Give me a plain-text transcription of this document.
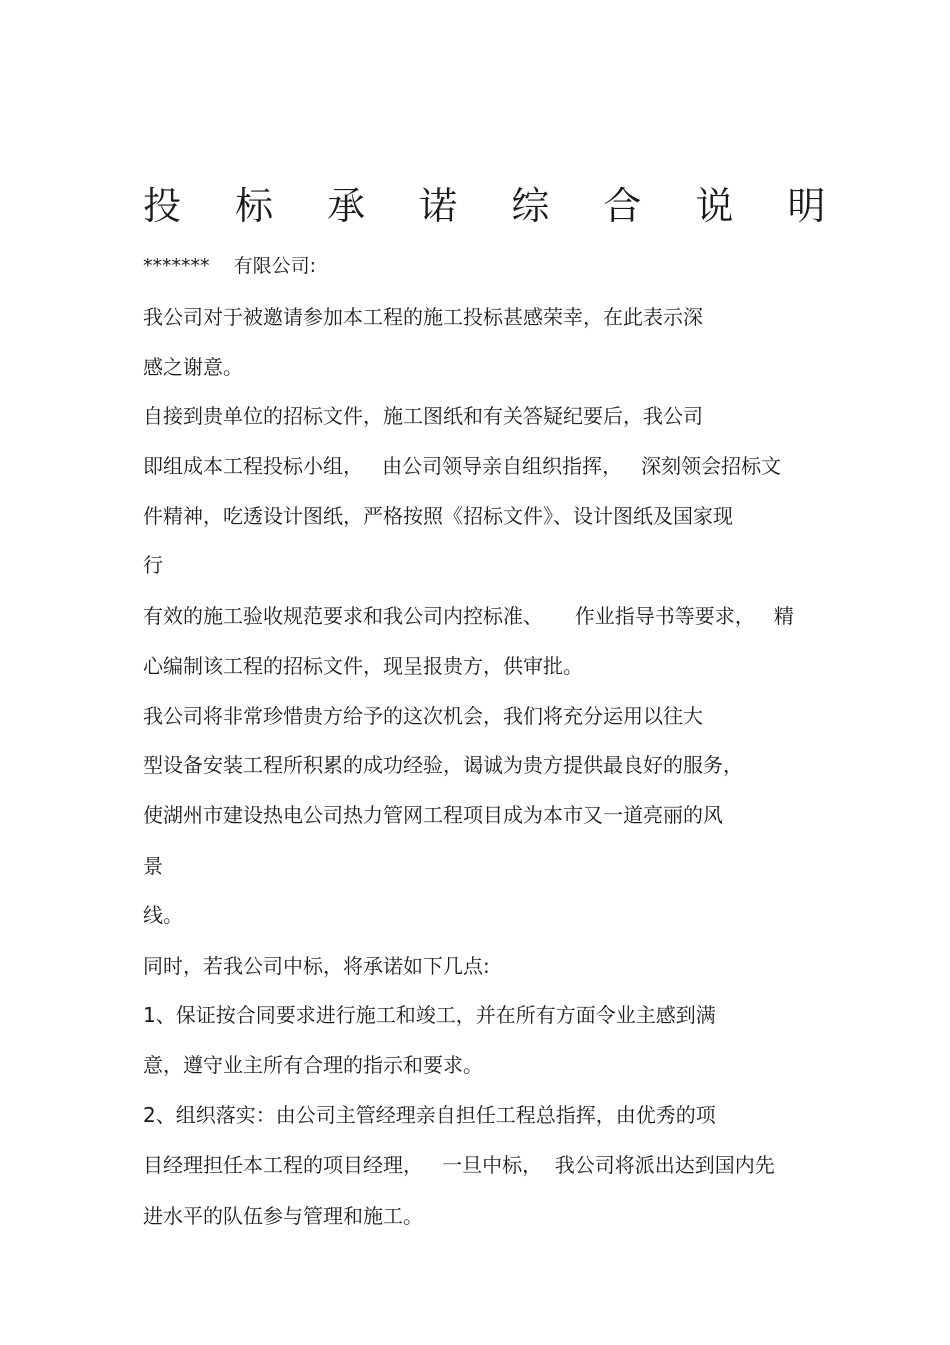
投 标 承 诺 综 合 说 明
*******    有限公司:
我公司对于被邀请参加本工程的施工投标甚感荣幸，在此表示深
感之谢意。
自接到贵单位的招标文件，施工图纸和有关答疑纪要后，我公司
即组成本工程投标小组，   由公司领导亲自组织指挥，   深刻领会招标文
件精神，吃透设计图纸，严格按照《招标文件》、设计图纸及国家现
行
有效的施工验收规范要求和我公司内控标准、     作业指导书等要求，   精
心编制该工程的招标文件，现呈报贵方，供审批。
我公司将非常珍惜贵方给予的这次机会，我们将充分运用以往大
型设备安装工程所积累的成功经验，谒诚为贵方提供最良好的服务，
使湖州市建设热电公司热力管网工程项目成为本市又一道亮丽的风
景
线。
同时，若我公司中标，将承诺如下几点:
1、保证按合同要求进行施工和竣工，并在所有方面令业主感到满
意，遵守业主所有合理的指示和要求。
2、组织落实：由公司主管经理亲自担任工程总指挥，由优秀的项
目经理担任本工程的项目经理，   一旦中标，  我公司将派出达到国内先
进水平的队伍参与管理和施工。
